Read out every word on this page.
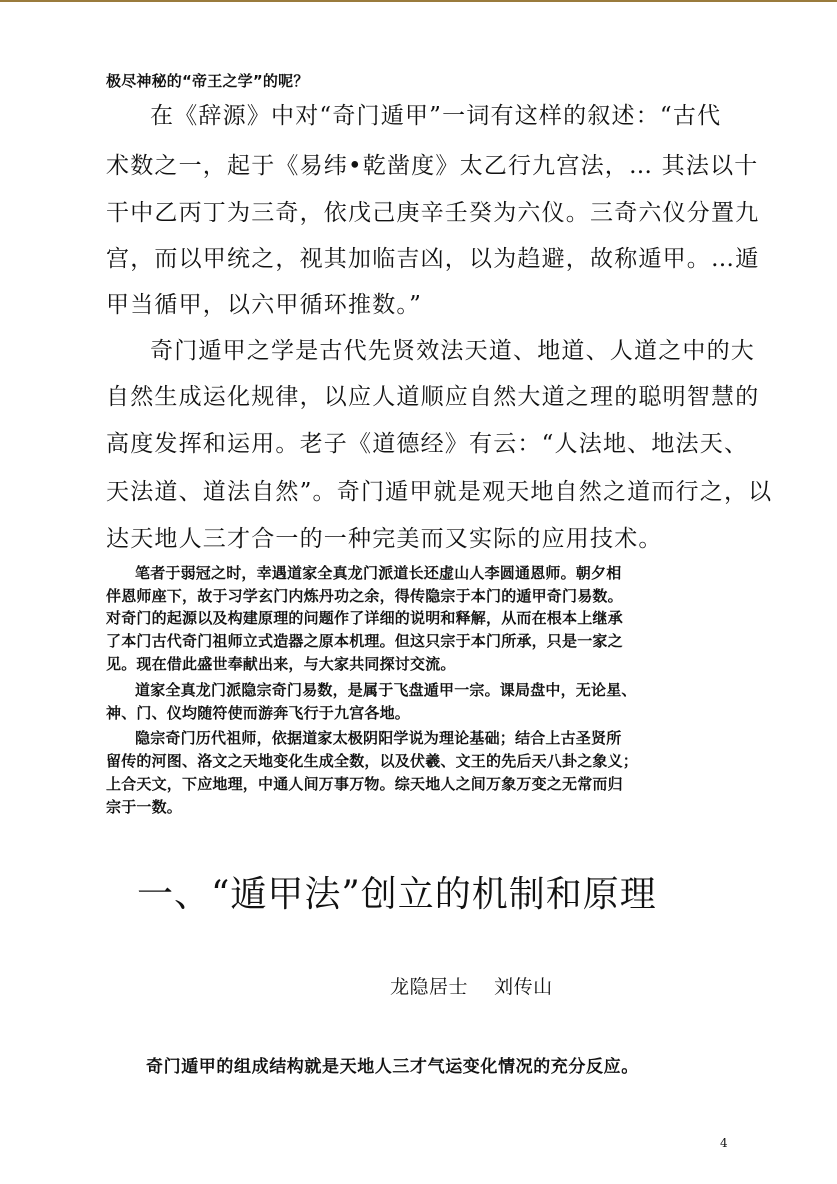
极尽神秘的“帝王之学”的呢？
在《辞源》中对“奇门遁甲”一词有这样的叙述：“古代
术数之一，起于《易纬•乾凿度》太乙行九宫法，… 其法以十
干中乙丙丁为三奇，依戊己庚辛壬癸为六仪。三奇六仪分置九
宫，而以甲统之，视其加临吉凶，以为趋避，故称遁甲。…遁
甲当循甲，以六甲循环推数。”
奇门遁甲之学是古代先贤效法天道、地道、人道之中的大
自然生成运化规律，以应人道顺应自然大道之理的聪明智慧的
高度发挥和运用。老子《道德经》有云：“人法地、地法天、
天法道、道法自然”。奇门遁甲就是观天地自然之道而行之，以
达天地人三才合一的一种完美而又实际的应用技术。
笔者于弱冠之时，幸遇道家全真龙门派道长还虚山人李圆通恩师。朝夕相
伴恩师座下，故于习学玄门内炼丹功之余，得传隐宗于本门的遁甲奇门易数。
对奇门的起源以及构建原理的问题作了详细的说明和释解，从而在根本上继承
了本门古代奇门祖师立式造器之原本机理。但这只宗于本门所承，只是一家之
见。现在借此盛世奉献出来，与大家共同探讨交流。
道家全真龙门派隐宗奇门易数，是属于飞盘遁甲一宗。课局盘中，无论星、
神、门、仪均随符使而游奔飞行于九宫各地。
隐宗奇门历代祖师，依据道家太极阴阳学说为理论基础；结合上古圣贤所
留传的河图、洛文之天地变化生成全数，以及伏羲、文王的先后天八卦之象义；
上合天文，下应地理，中通人间万事万物。综天地人之间万象万变之无常而归
宗于一数。
一、“遁甲法”创立的机制和原理
龙隐居士    刘传山
奇门遁甲的组成结构就是天地人三才气运变化情况的充分反应。
4
